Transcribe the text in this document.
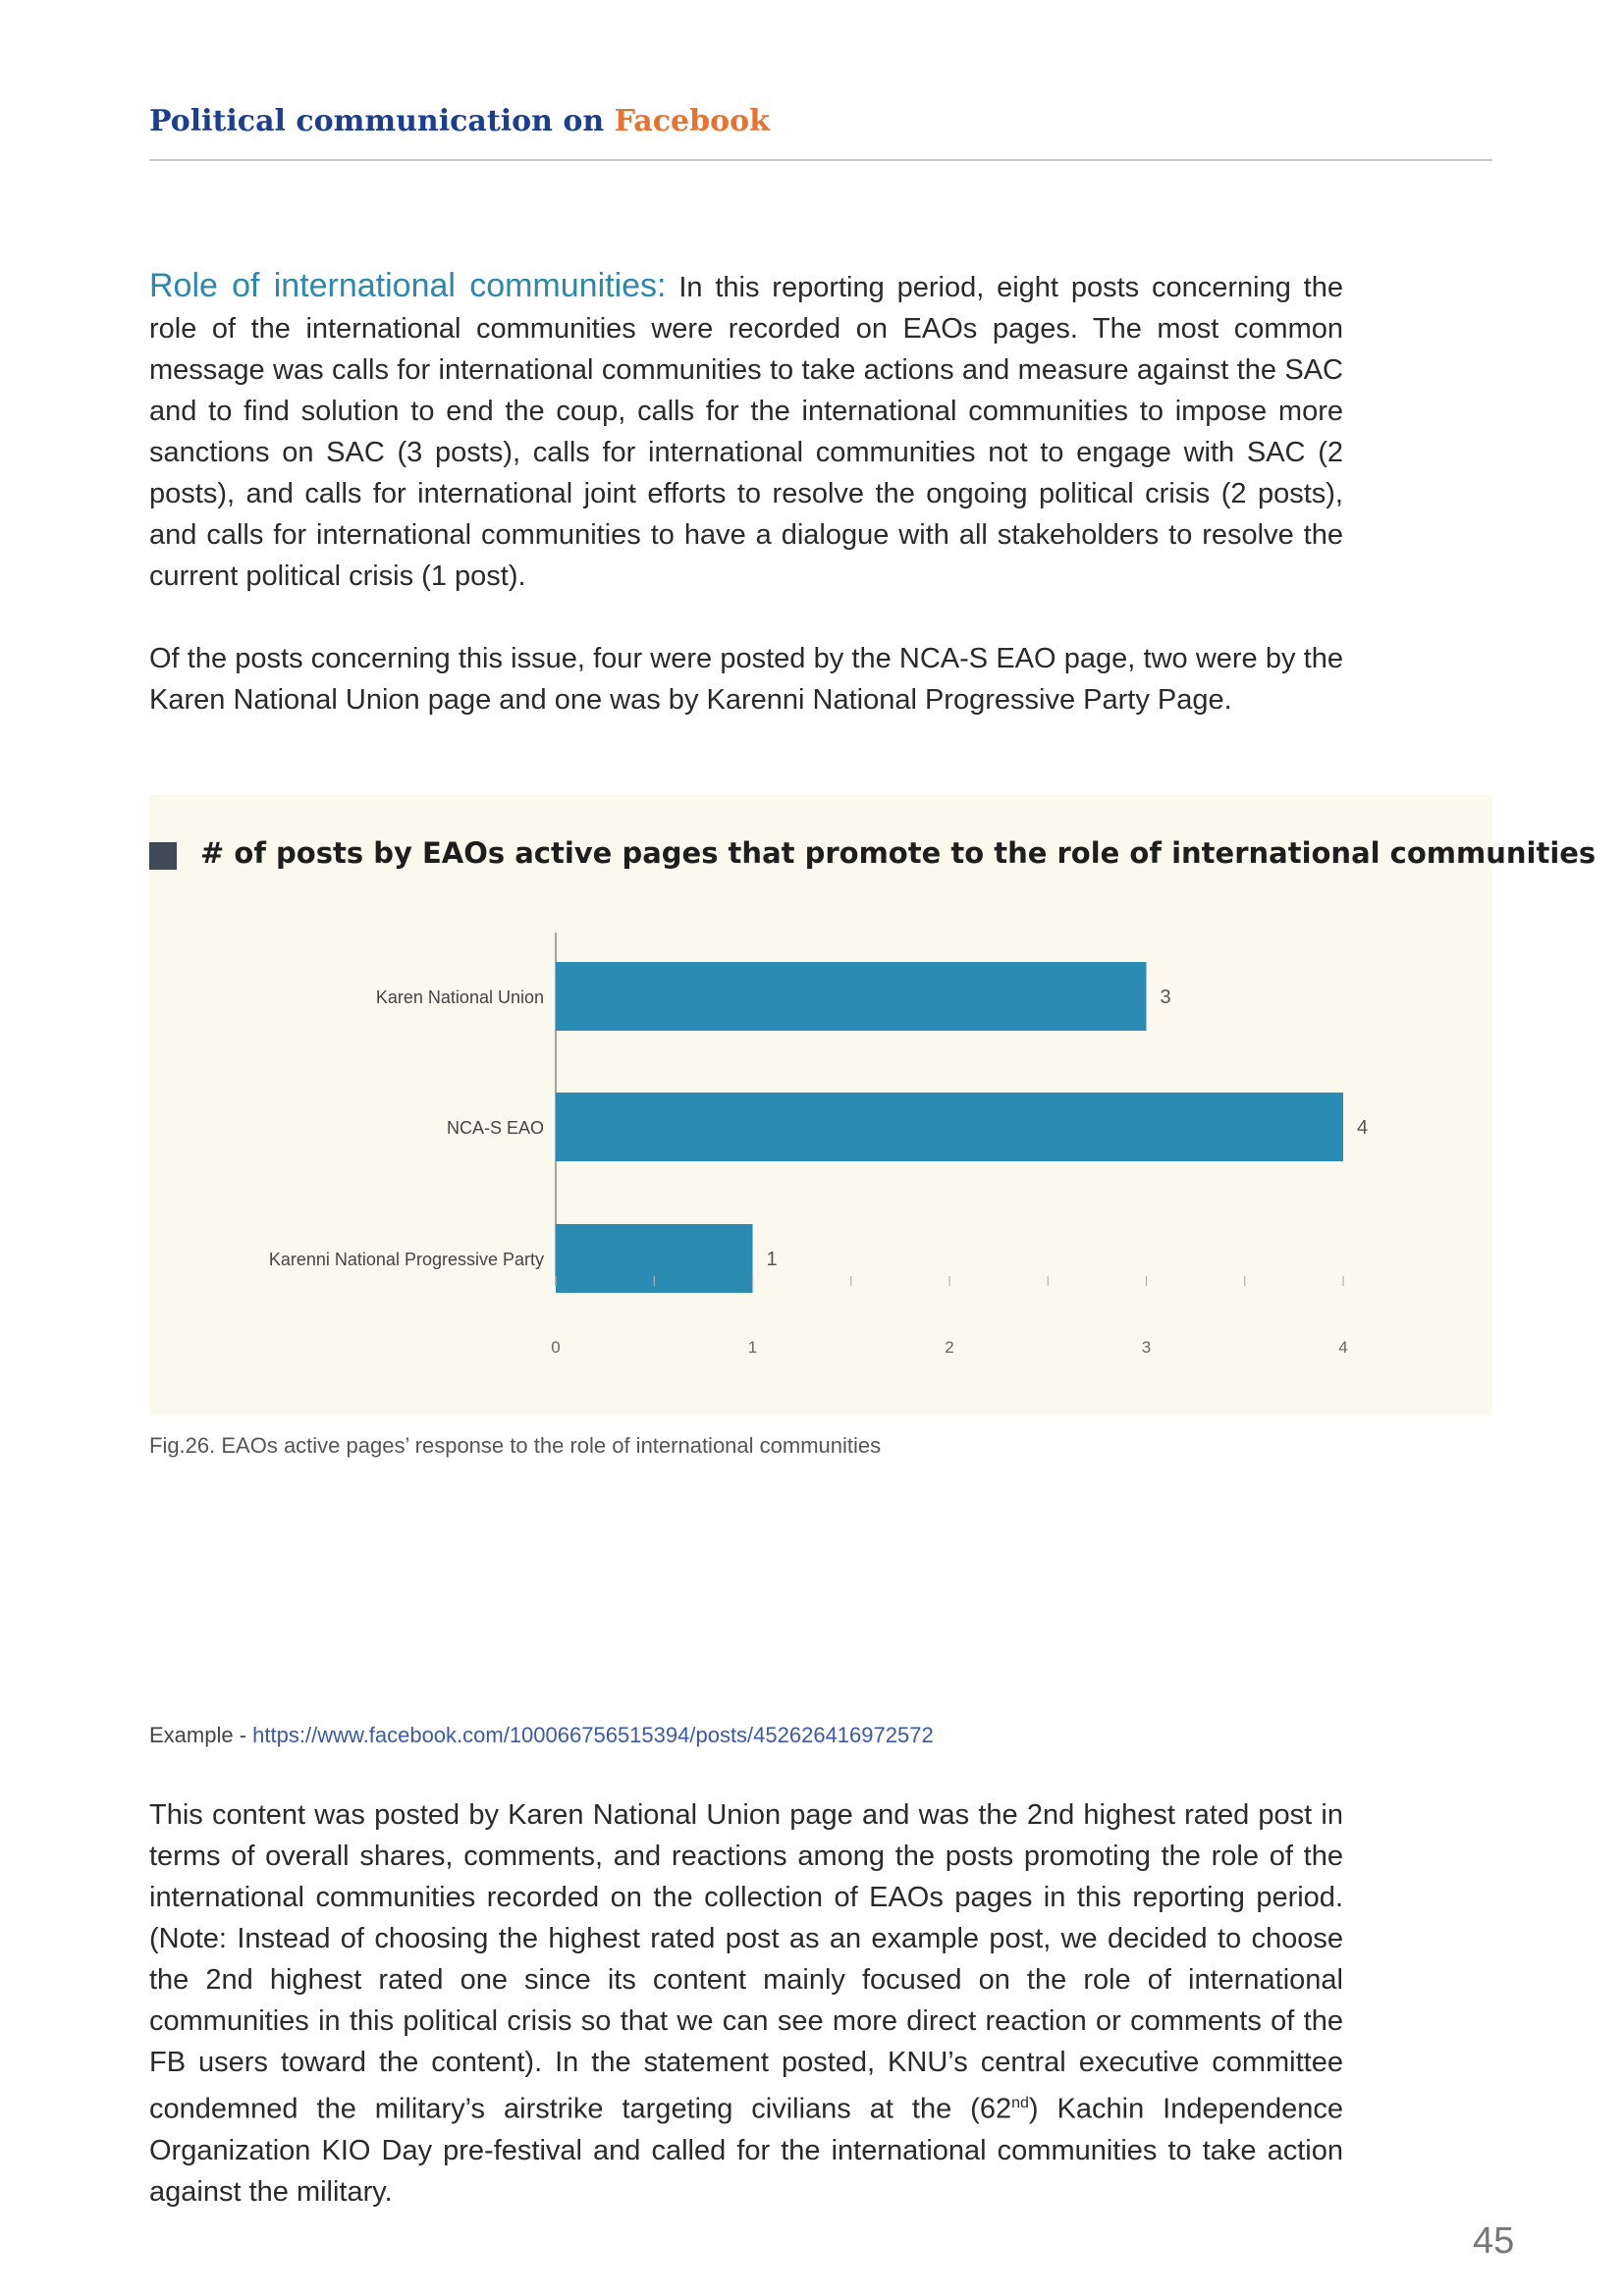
Political communication on Facebook
Role of international communities: In this reporting period, eight posts concerning the role of the international communities were recorded on EAOs pages. The most common message was calls for international communities to take actions and measure against the SAC and to find solution to end the coup, calls for the international communities to impose more sanctions on SAC (3 posts), calls for international communities not to engage with SAC (2 posts), and calls for international joint efforts to resolve the ongoing political crisis (2 posts), and calls for international communities to have a dialogue with all stakeholders to resolve the current political crisis (1 post).
Of the posts concerning this issue, four were posted by the NCA-S EAO page, two were by the Karen National Union page and one was by Karenni National Progressive Party Page.
# of posts by EAOs active pages that promote to the role of international communities
Karen National Union	3
NCA-S EAO	4
Karenni National Progressive Party	1
0	1	2	3	4
Fig.26. EAOs active pages’ response to the role of international communities
Example - https://www.facebook.com/100066756515394/posts/452626416972572
This content was posted by Karen National Union page and was the 2nd highest rated post in terms of overall shares, comments, and reactions among the posts promoting the role of the international communities recorded on the collection of EAOs pages in this reporting period. (Note: Instead of choosing the highest rated post as an example post, we decided to choose the 2nd highest rated one since its content mainly focused on the role of international communities in this political crisis so that we can see more direct reaction or comments of the FB users toward the content). In the statement posted, KNU’s central executive committee condemned the military’s airstrike targeting civilians at the (62nd) Kachin Independence Organization KIO Day pre-festival and called for the international communities to take action against the military.
45
